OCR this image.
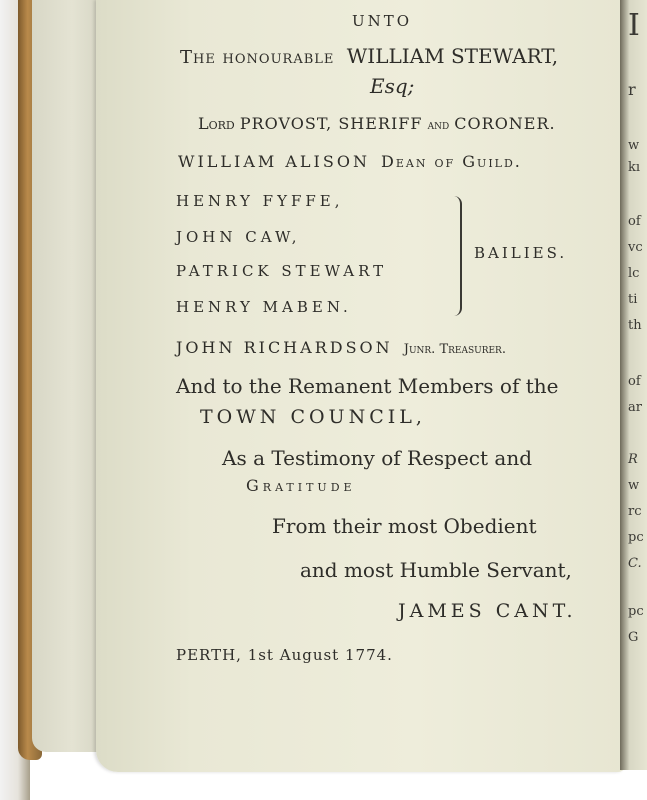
UNTO
The honourable WILLIAM STEWART,
Esq;
Lord PROVOST, SHERIFF and CORONER.
WILLIAM ALISON Dean of Guild.
HENRY FYFFE,
JOHN CAW,
PATRICK STEWART
HENRY MABEN.
BAILIES.
JOHN RICHARDSON Junr. Treasurer.
And to the Remanent Members of the
TOWN COUNCIL,
As a Testimony of Respect and
Gratitude
From their most Obedient
and most Humble Servant,
JAMES CANT.
PERTH, 1st August 1774.
I
r
w
kı
of
vc
lc
ti
th
of
ar
R
w
rc
pc
C.
pc
G
